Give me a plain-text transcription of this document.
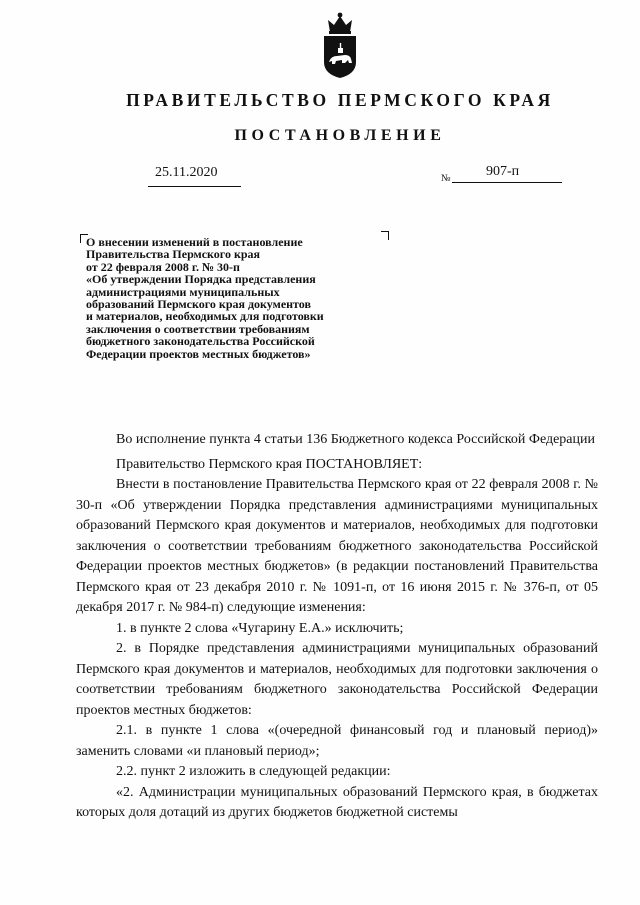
ПРАВИТЕЛЬСТВО ПЕРМСКОГО КРАЯ
ПОСТАНОВЛЕНИЕ
25.11.2020	№	907-п
О внесении изменений в постановление
Правительства Пермского края
от 22 февраля 2008 г. № 30-п
«Об утверждении Порядка представления
администрациями муниципальных
образований Пермского края документов
и материалов, необходимых для подготовки
заключения о соответствии требованиям
бюджетного законодательства Российской
Федерации проектов местных бюджетов»

Во исполнение пункта 4 статьи 136 Бюджетного кодекса Российской Федерации

Правительство Пермского края ПОСТАНОВЛЯЕТ:

Внести в постановление Правительства Пермского края от 22 февраля 2008 г. № 30-п «Об утверждении Порядка представления администрациями муниципальных образований Пермского края документов и материалов, необходимых для подготовки заключения о соответствии требованиям бюджетного законодательства Российской Федерации проектов местных бюджетов» (в редакции постановлений Правительства Пермского края от 23 декабря 2010 г. № 1091-п, от 16 июня 2015 г. № 376-п, от 05 декабря 2017 г. № 984-п) следующие изменения:

1. в пункте 2 слова «Чугарину Е.А.» исключить;

2. в Порядке представления администрациями муниципальных образований Пермского края документов и материалов, необходимых для подготовки заключения о соответствии требованиям бюджетного законодательства Российской Федерации проектов местных бюджетов:

2.1. в пункте 1 слова «(очередной финансовый год и плановый период)» заменить словами «и плановый период»;

2.2. пункт 2 изложить в следующей редакции:

«2. Администрации муниципальных образований Пермского края, в бюджетах которых доля дотаций из других бюджетов бюджетной системы
